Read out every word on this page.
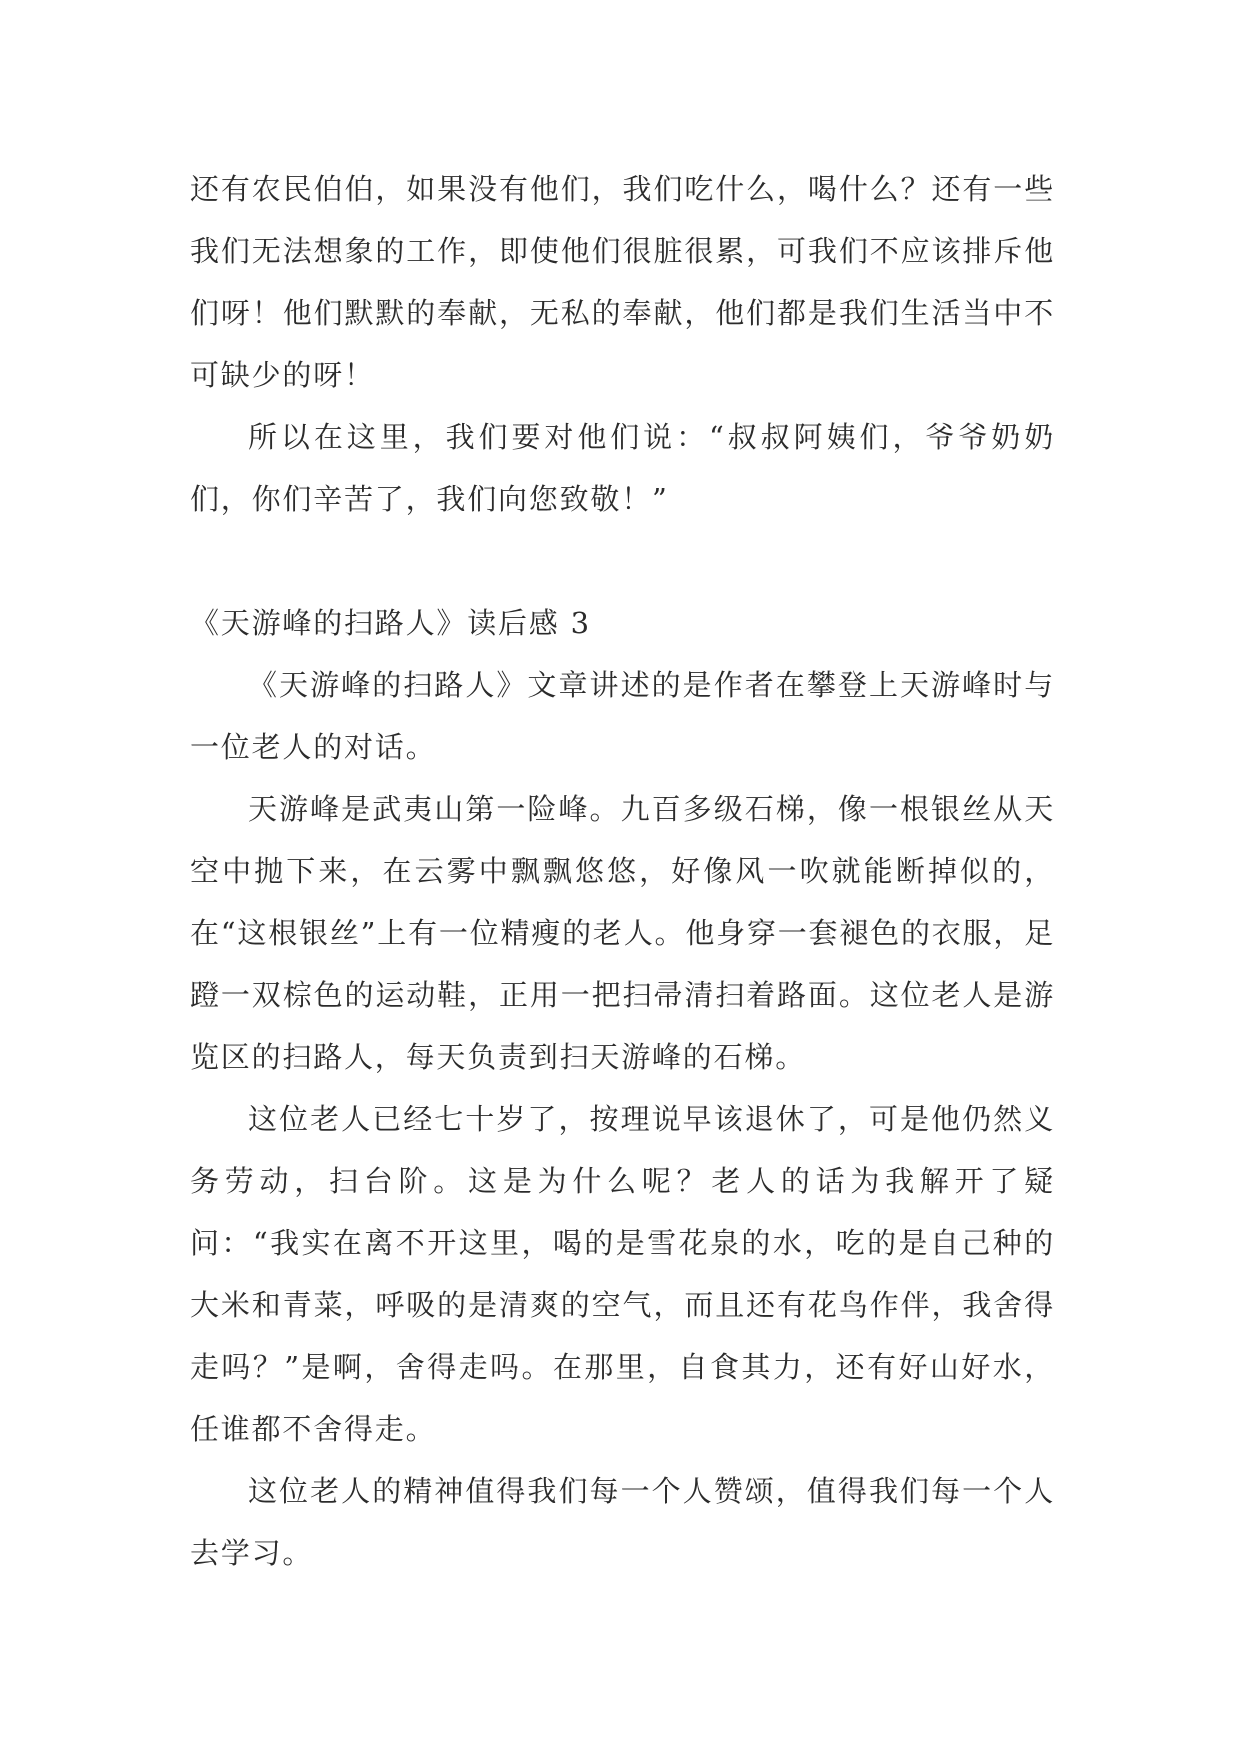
还有农民伯伯，如果没有他们，我们吃什么，喝什么？还有一些我们无法想象的工作，即使他们很脏很累，可我们不应该排斥他们呀！他们默默的奉献，无私的奉献，他们都是我们生活当中不可缺少的呀！

所以在这里，我们要对他们说：“叔叔阿姨们，爷爷奶奶们，你们辛苦了，我们向您致敬！”

《天游峰的扫路人》读后感 3

《天游峰的扫路人》文章讲述的是作者在攀登上天游峰时与一位老人的对话。

天游峰是武夷山第一险峰。九百多级石梯，像一根银丝从天空中抛下来，在云雾中飘飘悠悠，好像风一吹就能断掉似的，在“这根银丝”上有一位精瘦的老人。他身穿一套褪色的衣服，足蹬一双棕色的运动鞋，正用一把扫帚清扫着路面。这位老人是游览区的扫路人，每天负责到扫天游峰的石梯。

这位老人已经七十岁了，按理说早该退休了，可是他仍然义务劳动，扫台阶。这是为什么呢？老人的话为我解开了疑问：“我实在离不开这里，喝的是雪花泉的水，吃的是自己种的大米和青菜，呼吸的是清爽的空气，而且还有花鸟作伴，我舍得走吗？”是啊，舍得走吗。在那里，自食其力，还有好山好水，任谁都不舍得走。

这位老人的精神值得我们每一个人赞颂，值得我们每一个人去学习。
